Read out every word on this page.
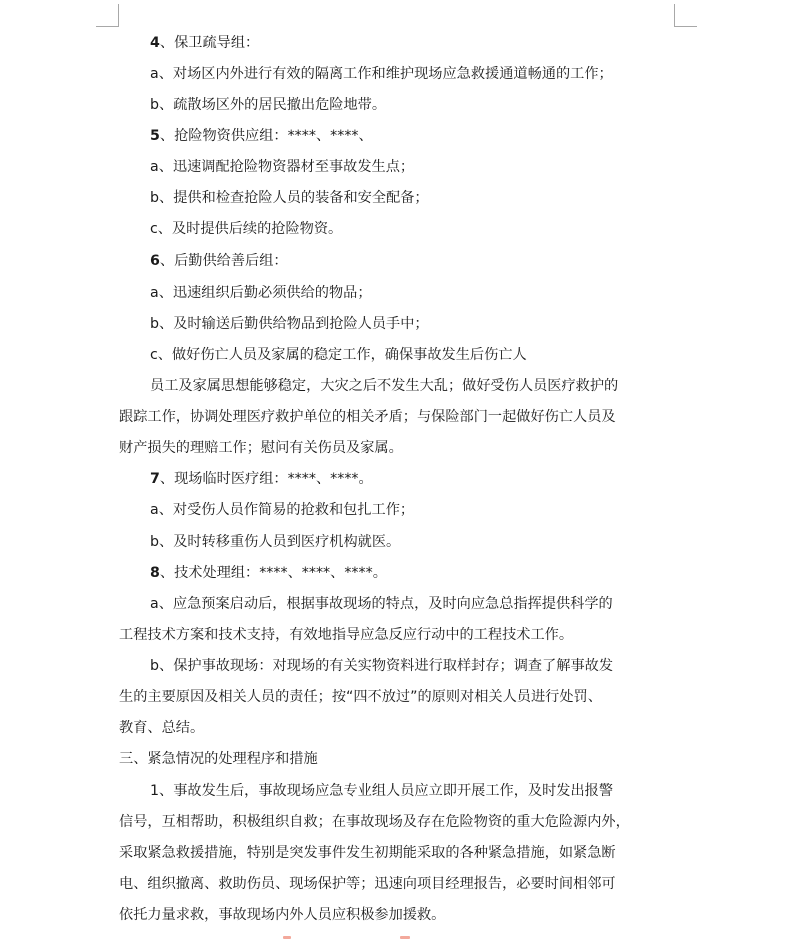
4、保卫疏导组：
a、对场区内外进行有效的隔离工作和维护现场应急救援通道畅通的工作；
b、疏散场区外的居民撤出危险地带。
5、抢险物资供应组：****、****、
a、迅速调配抢险物资器材至事故发生点；
b、提供和检查抢险人员的装备和安全配备；
c、及时提供后续的抢险物资。
6、后勤供给善后组：
a、迅速组织后勤必须供给的物品；
b、及时输送后勤供给物品到抢险人员手中；
c、做好伤亡人员及家属的稳定工作，确保事故发生后伤亡人
员工及家属思想能够稳定，大灾之后不发生大乱；做好受伤人员医疗救护的
跟踪工作，协调处理医疗救护单位的相关矛盾；与保险部门一起做好伤亡人员及
财产损失的理赔工作；慰问有关伤员及家属。
7、现场临时医疗组：****、****。
a、对受伤人员作简易的抢救和包扎工作；
b、及时转移重伤人员到医疗机构就医。
8、技术处理组：****、****、****。
a、应急预案启动后，根据事故现场的特点，及时向应急总指挥提供科学的
工程技术方案和技术支持，有效地指导应急反应行动中的工程技术工作。
b、保护事故现场：对现场的有关实物资料进行取样封存；调查了解事故发
生的主要原因及相关人员的责任；按“四不放过”的原则对相关人员进行处罚、
教育、总结。
三、紧急情况的处理程序和措施
1、事故发生后，事故现场应急专业组人员应立即开展工作，及时发出报警
信号，互相帮助，积极组织自救；在事故现场及存在危险物资的重大危险源内外，
采取紧急救援措施，特别是突发事件发生初期能采取的各种紧急措施，如紧急断
电、组织撤离、救助伤员、现场保护等；迅速向项目经理报告，必要时间相邻可
依托力量求救，事故现场内外人员应积极参加援救。
